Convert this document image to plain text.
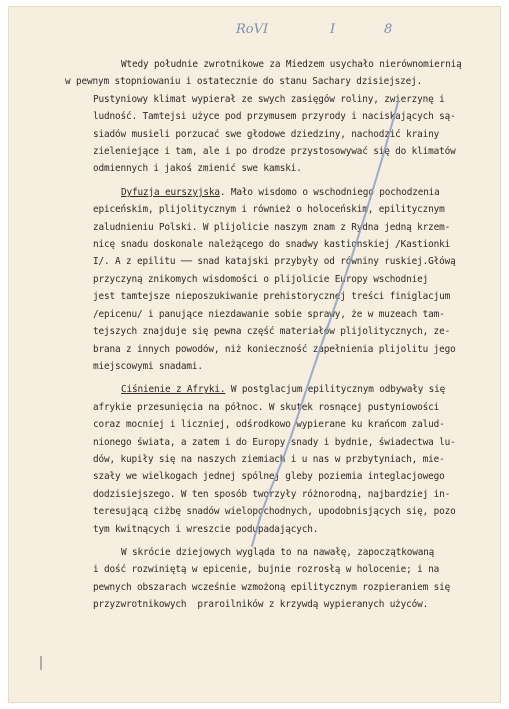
RoVI	I	8
Wtedy południe zwrotnikowe za Miedzem usychało nierównomiernią
w pewnym stopniowaniu i ostatecznie do stanu Sachary dzisiejszej.
Pustyniowy klimat wypierał ze swych zasięgów roliny, zwierzynę i
ludność. Tamtejsi użyce pod przymusem przyrody i naciskających są-
siadów musieli porzucać swe głodowe dziedziny, nachodzić krainy
zieleniejące i tam, ale i po drodze przystosowywać się do klimatów
odmiennych i jakoś zmienić swe kamski.
Dyfuzja eurszyjska. Mało wisdomo o wschodniego pochodzenia
epiceńskim, plijolitycznym i również o holoceńskim, epilitycznym
zaludnieniu Polski. W plijolicie naszym znam z Rydna jedną krzem-
nicę snadu doskonale należącego do snadwy kastionskiej /Kastionki
I/. A z epilitu ── snad katajski przybyły od równiny ruskiej.Główą
przyczyną znikomych wisdomości o plijolicie Europy wschodniej
jest tamtejsze nieposzukiwanie prehistorycznej treści finiglacjum
/epicenu/ i panujące niezdawanie sobie sprawy, że w muzeach tam-
tejszych znajduje się pewna część materiałów plijolitycznych, ze-
brana z innych powodów, niż konieczność zapełnienia plijolitu jego
miejscowymi snadami.
Ciśnienie z Afryki. W postglacjum epilitycznym odbywały się
afrykie przesunięcia na północ. W skutek rosnącej pustyniowości
coraz mocniej i liczniej, odśrodkowo wypierane ku krańcom zalud-
nionego świata, a zatem i do Europy snady i bydnie, świadectwa lu-
dów, kupiły się na naszych ziemiach i u nas w przbytyniach, mie-
szały we wielkogach jednej spólnej gleby poziemia integlacjowego
dodzisiejszego. W ten sposób tworzyły różnorodną, najbardziej in-
teresującą ciżbę snadów wielopochodnych, upodobnisjących się, pozo
tym kwitnących i wreszcie podupadających.
W skrócie dziejowych wygląda to na nawałę, zapoczątkowaną
i dość rozwiniętą w epicenie, bujnie rozrosłą w holocenie; i na
pewnych obszarach wcześnie wzmożoną epilitycznym rozpieraniem się
przyzwrotnikowych  praroilników z krzywdą wypieranych użyców.
